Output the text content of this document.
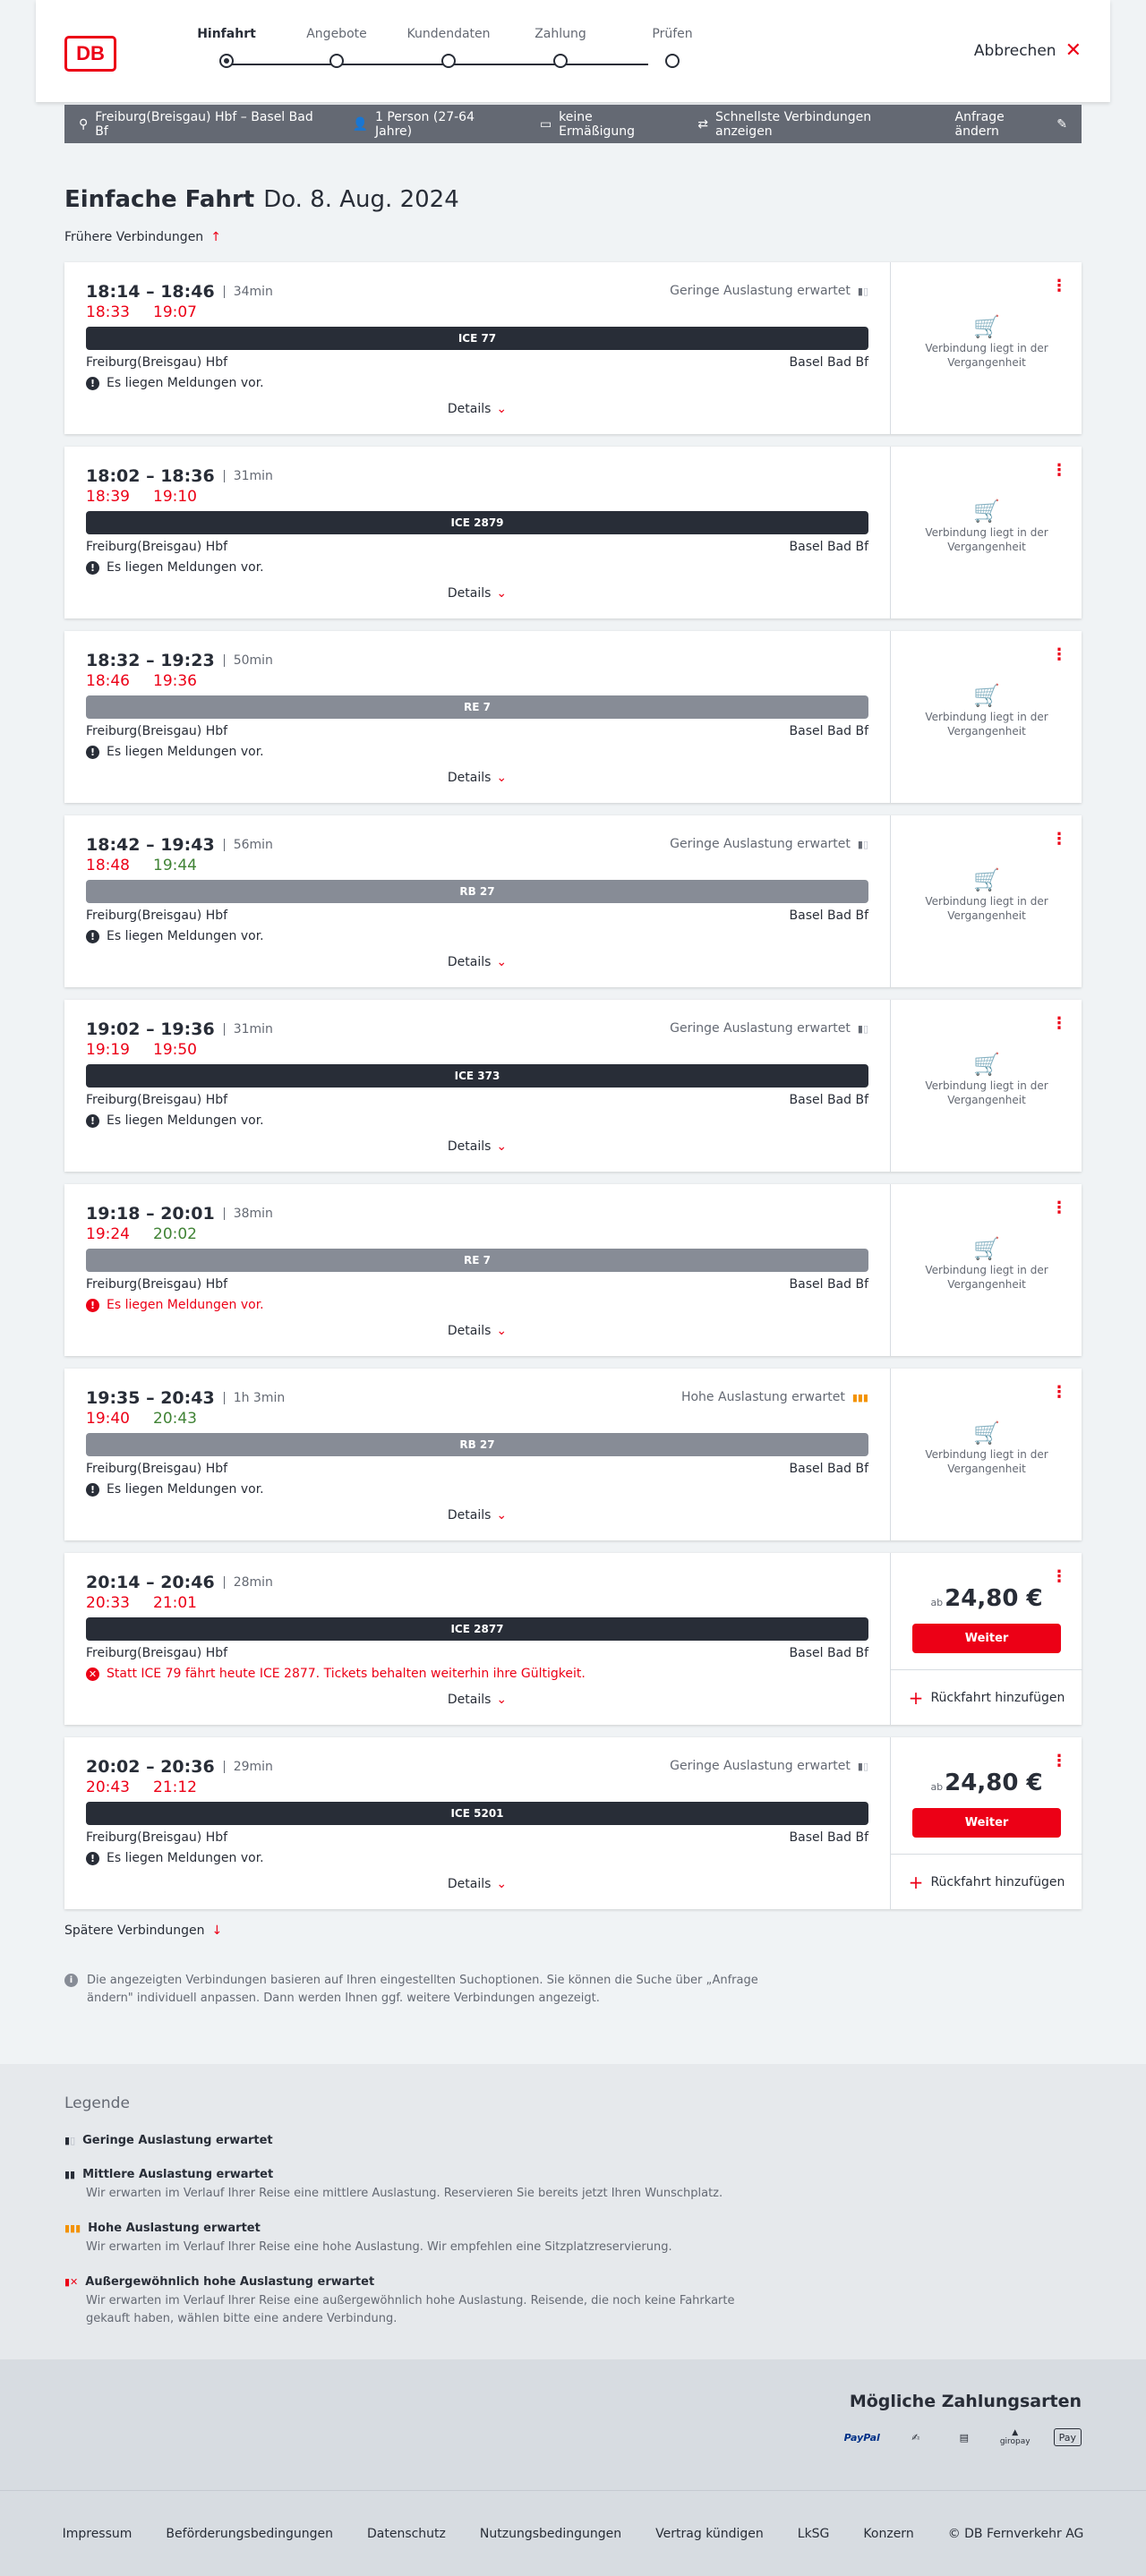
DB
Hinfahrt	Angebote	Kundendaten	Zahlung	Prüfen
Abbrechen ✕
⚲ Freiburg(Breisgau) Hbf – Basel Bad Bf	👤 1 Person (27-64 Jahre)	▭ keine Ermäßigung	⇄ Schnellste Verbindungen anzeigen
Anfrage ändern	✎
Einfache Fahrt Do. 8. Aug. 2024
Frühere Verbindungen ↑
18:14 – 18:46	34min
18:33 19:07
Geringe Auslastung erwartet ▮▯
ICE 77
Freiburg(Breisgau) Hbf	Basel Bad Bf
! Es liegen Meldungen vor.
Details ⌄
⋮
🛒
Verbindung liegt in der Vergangenheit
18:02 – 18:36	31min
18:39 19:10
ICE 2879
Freiburg(Breisgau) Hbf	Basel Bad Bf
! Es liegen Meldungen vor.
Details ⌄
⋮
🛒
Verbindung liegt in der Vergangenheit
18:32 – 19:23	50min
18:46 19:36
RE 7
Freiburg(Breisgau) Hbf	Basel Bad Bf
! Es liegen Meldungen vor.
Details ⌄
⋮
🛒
Verbindung liegt in der Vergangenheit
18:42 – 19:43	56min
18:48 19:44
Geringe Auslastung erwartet ▮▯
RB 27
Freiburg(Breisgau) Hbf	Basel Bad Bf
! Es liegen Meldungen vor.
Details ⌄
⋮
🛒
Verbindung liegt in der Vergangenheit
19:02 – 19:36	31min
19:19 19:50
Geringe Auslastung erwartet ▮▯
ICE 373
Freiburg(Breisgau) Hbf	Basel Bad Bf
! Es liegen Meldungen vor.
Details ⌄
⋮
🛒
Verbindung liegt in der Vergangenheit
19:18 – 20:01	38min
19:24 20:02
RE 7
Freiburg(Breisgau) Hbf	Basel Bad Bf
! Es liegen Meldungen vor.
Details ⌄
⋮
🛒
Verbindung liegt in der Vergangenheit
19:35 – 20:43	1h 3min
19:40 20:43
Hohe Auslastung erwartet ▮▮▮
RB 27
Freiburg(Breisgau) Hbf	Basel Bad Bf
! Es liegen Meldungen vor.
Details ⌄
⋮
🛒
Verbindung liegt in der Vergangenheit
20:14 – 20:46	28min
20:33 21:01
ICE 2877
Freiburg(Breisgau) Hbf	Basel Bad Bf
✕ Statt ICE 79 fährt heute ICE 2877. Tickets behalten weiterhin ihre Gültigkeit.
Details ⌄
⋮
ab24,80 €
Weiter
+ Rückfahrt hinzufügen
20:02 – 20:36	29min
20:43 21:12
Geringe Auslastung erwartet ▮▯
ICE 5201
Freiburg(Breisgau) Hbf	Basel Bad Bf
! Es liegen Meldungen vor.
Details ⌄
⋮
ab24,80 €
Weiter
+ Rückfahrt hinzufügen
Spätere Verbindungen ↓
i	Die angezeigten Verbindungen basieren auf Ihren eingestellten Suchoptionen. Sie können die Suche über „Anfrage ändern" individuell anpassen. Dann werden Ihnen ggf. weitere Verbindungen angezeigt.
Legende
▮▯ Geringe Auslastung erwartet
▮▮ Mittlere Auslastung erwartet
Wir erwarten im Verlauf Ihrer Reise eine mittlere Auslastung. Reservieren Sie bereits jetzt Ihren Wunschplatz.
▮▮▮ Hohe Auslastung erwartet
Wir erwarten im Verlauf Ihrer Reise eine hohe Auslastung. Wir empfehlen eine Sitzplatzreservierung.
▮✕ Außergewöhnlich hohe Auslastung erwartet
Wir erwarten im Verlauf Ihrer Reise eine außergewöhnlich hohe Auslastung. Reisende, die noch keine Fahrkarte gekauft haben, wählen bitte eine andere Verbindung.
Mögliche Zahlungsarten
PayPal	✍	▤	▲
giropay	Pay
Impressum	Beförderungsbedingungen	Datenschutz	Nutzungsbedingungen	Vertrag kündigen	LkSG	Konzern	© DB Fernverkehr AG
